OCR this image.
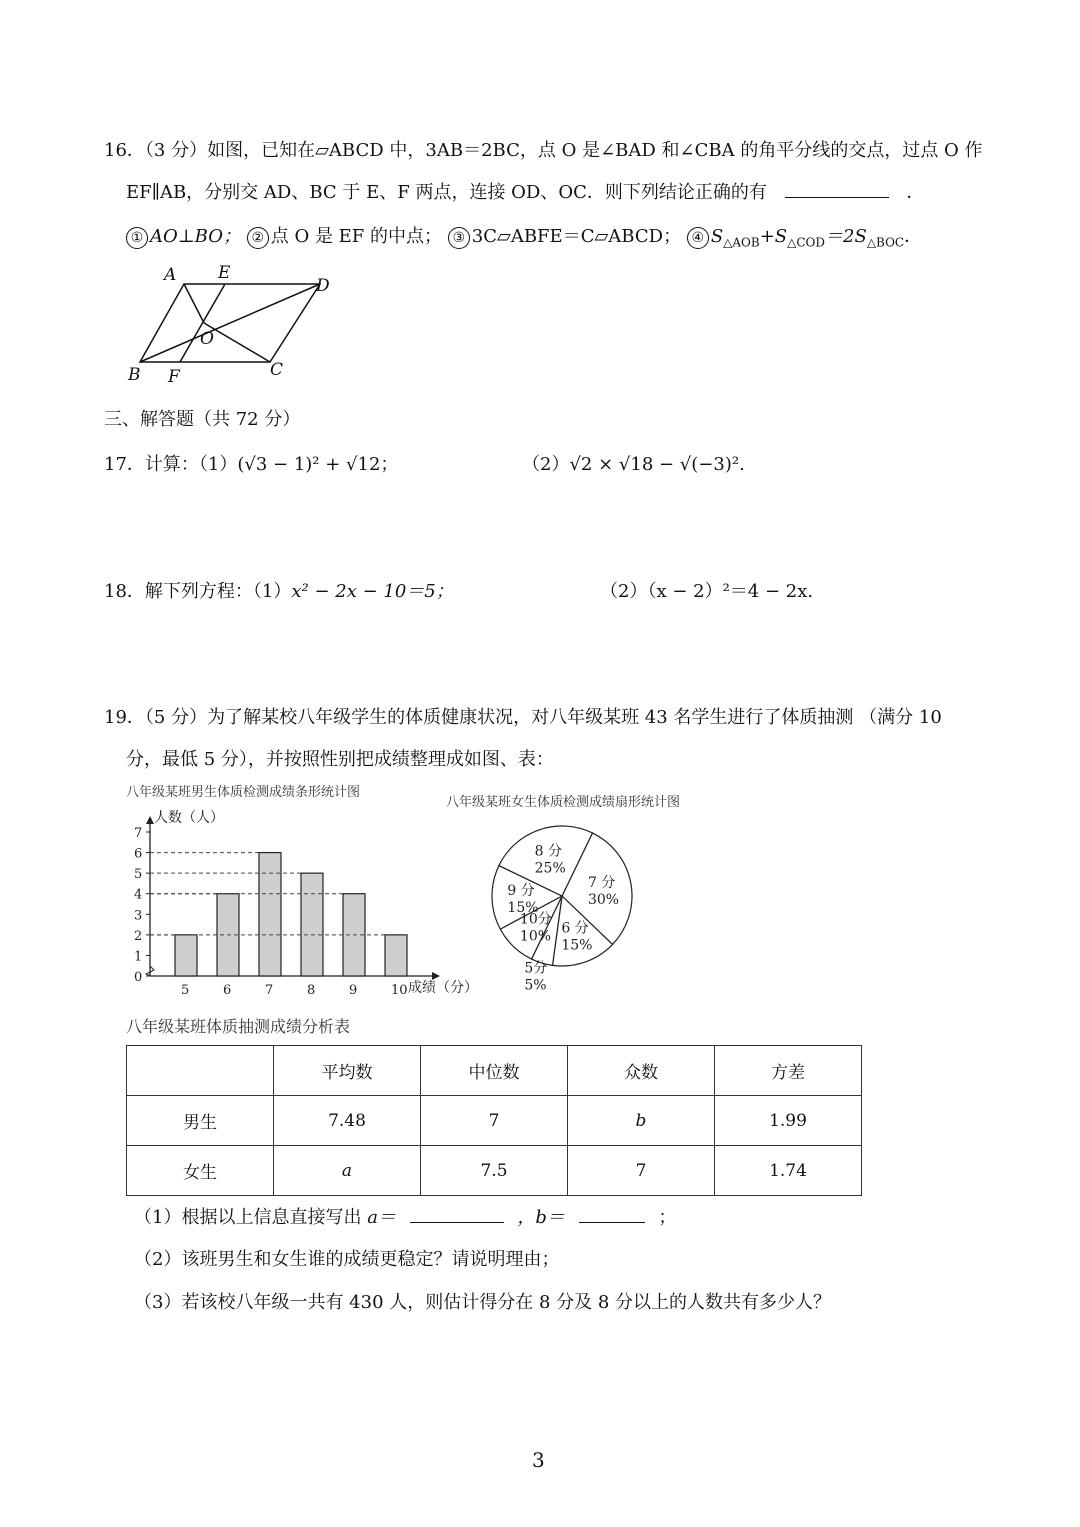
16．（3 分）如图，已知在▱ABCD 中，3AB＝2BC，点 O 是∠BAD 和∠CBA 的角平分线的交点，过点 O 作
EF∥AB，分别交 AD、BC 于 E、F 两点，连接 OD、OC．则下列结论正确的有	．
① AO⊥BO； ② 点 O 是 EF 的中点； ③ 3C▱ABFE＝C▱ABCD； ④ $S_{\triangle AOB}+S_{\triangle COD}=2S_{\triangle BOC}$．
A E
D
O
B F	C
三、解答题（共 72 分）
17．计算：（1）(√3 − 1)² + √12；	（2）√2 × √18 − √(−3)².
18．解下列方程：（1）x² − 2x − 10＝5；	（2）（x − 2）²＝4 − 2x.
19．（5 分）为了解某校八年级学生的体质健康状况，对八年级某班 43 名学生进行了体质抽测 （满分 10
分，最低 5 分），并按照性别把成绩整理成如图、表：
八年级某班男生体质检测成绩条形统计图
人数（人）
0
1
2
3
4
5
6
7
5	6	7	8	9	10 成绩（分）
八年级某班女生体质检测成绩扇形统计图
7 分
30%
6 分
15%
5分
5%
10分
10%
9 分
15%
8 分
25%
八年级某班体质抽测成绩分析表
	平均数	中位数	众数	方差
男生	7.48	7	b	1.99
女生	a	7.5	7	1.74
（1）根据以上信息直接写出 a＝	，b＝	；
（2）该班男生和女生谁的成绩更稳定？请说明理由；
（3）若该校八年级一共有 430 人，则估计得分在 8 分及 8 分以上的人数共有多少人？
3
